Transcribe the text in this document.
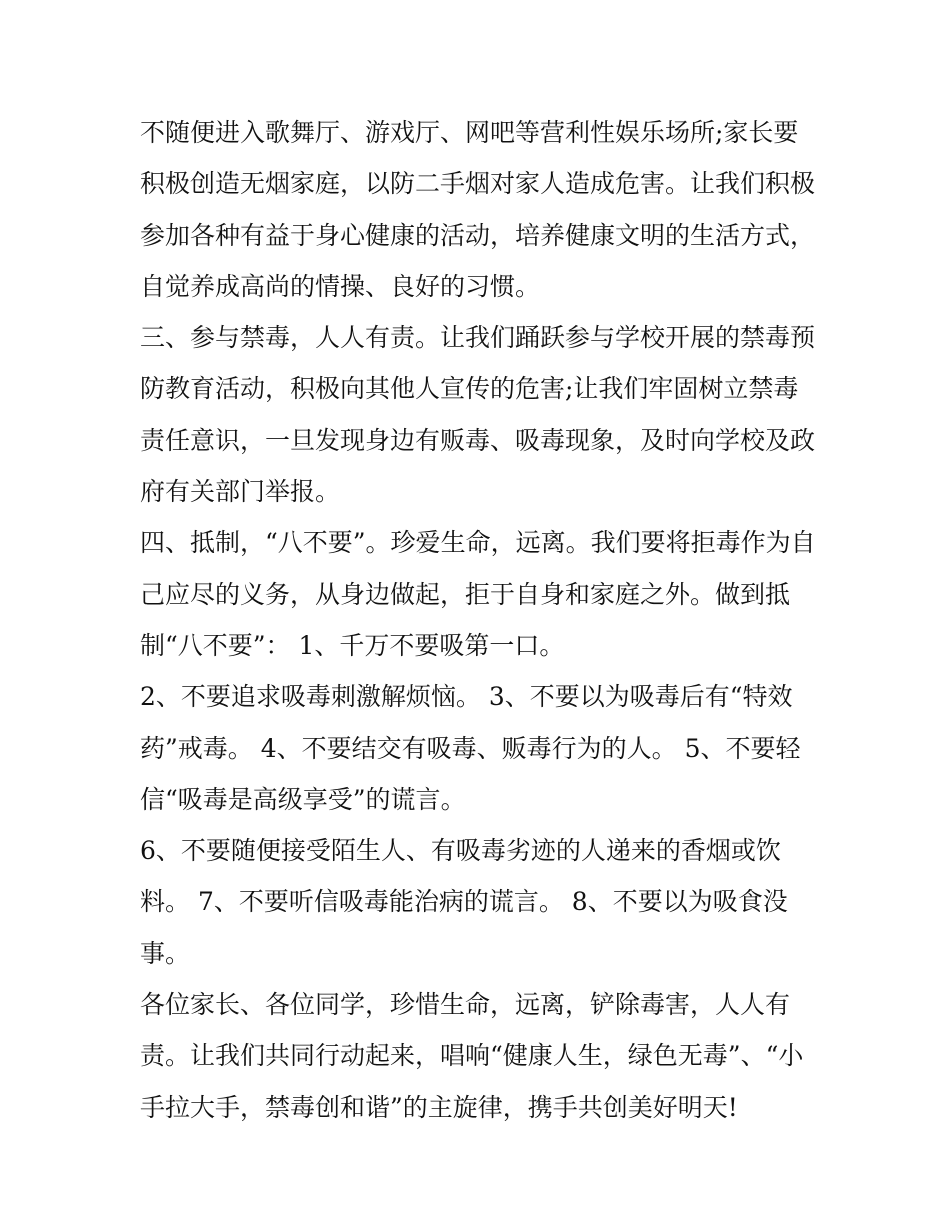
不随便进入歌舞厅、游戏厅、网吧等营利性娱乐场所;家长要
积极创造无烟家庭，以防二手烟对家人造成危害。让我们积极
参加各种有益于身心健康的活动，培养健康文明的生活方式，
自觉养成高尚的情操、良好的习惯。
三、参与禁毒，人人有责。让我们踊跃参与学校开展的禁毒预
防教育活动，积极向其他人宣传的危害;让我们牢固树立禁毒
责任意识，一旦发现身边有贩毒、吸毒现象，及时向学校及政
府有关部门举报。
四、抵制，“八不要”。珍爱生命，远离。我们要将拒毒作为自
己应尽的义务，从身边做起，拒于自身和家庭之外。做到抵
制“八不要”： 1、千万不要吸第一口。
2、不要追求吸毒刺激解烦恼。 3、不要以为吸毒后有“特效
药”戒毒。 4、不要结交有吸毒、贩毒行为的人。 5、不要轻
信“吸毒是高级享受”的谎言。
6、不要随便接受陌生人、有吸毒劣迹的人递来的香烟或饮
料。 7、不要听信吸毒能治病的谎言。 8、不要以为吸食没
事。
各位家长、各位同学，珍惜生命，远离，铲除毒害，人人有
责。让我们共同行动起来，唱响“健康人生，绿色无毒”、“小
手拉大手，禁毒创和谐”的主旋律，携手共创美好明天!
